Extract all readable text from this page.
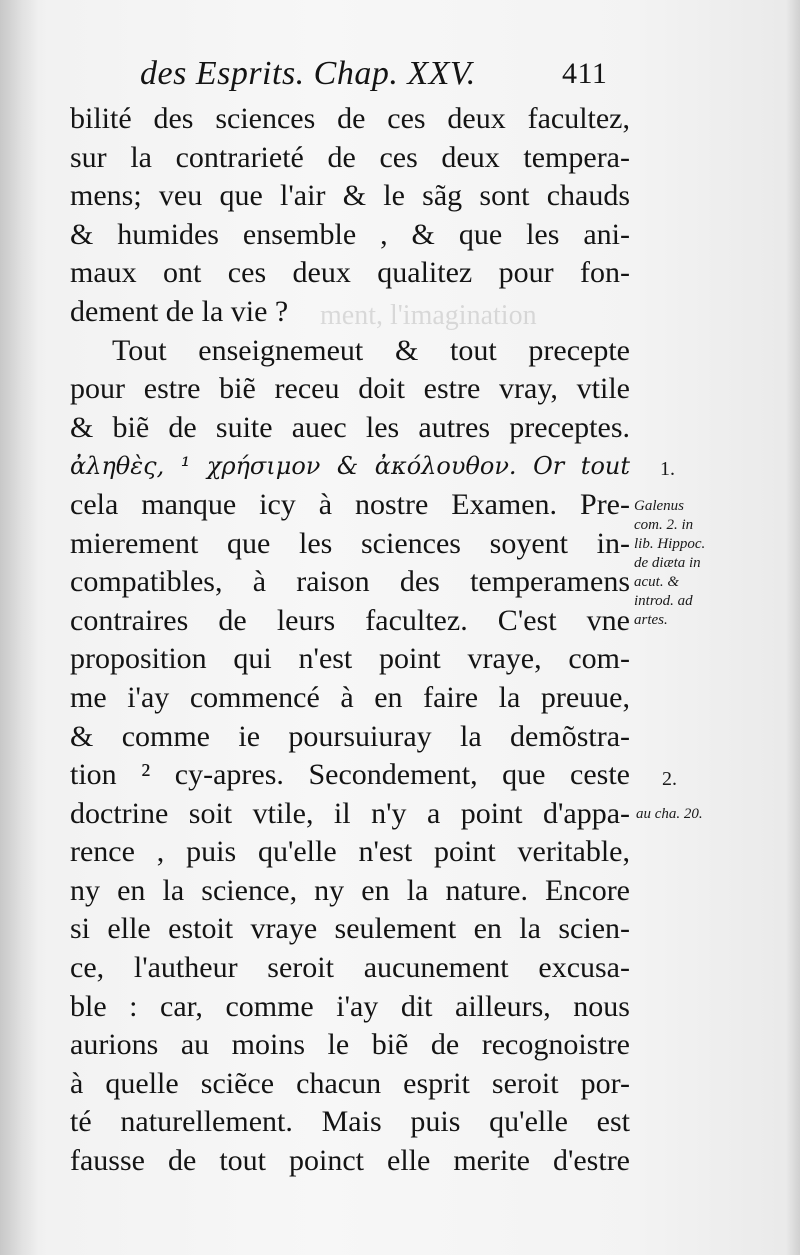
ment, l'imagination
des Esprits. Chap. XXV.	411
bilité des sciences de ces deux facultez,
sur la contrarieté de ces deux tempera-
mens; veu que l'air & le sãg sont chauds
& humides ensemble , & que les ani-
maux ont ces deux qualitez pour fon-
dement de la vie ?
Tout enseignemeut & tout precepte
pour estre biẽ receu doit estre vray, vtile
& biẽ de suite auec les autres preceptes.
ἀληθὲς, ¹ χρήσιμον & ἀκόλουθον. Or tout
cela manque icy à nostre Examen. Pre-
mierement que les sciences soyent in-
compatibles, à raison des temperamens
contraires de leurs facultez. C'est vne
proposition qui n'est point vraye, com-
me i'ay commencé à en faire la preuue,
& comme ie poursuiuray la demõstra-
tion ² cy-apres. Secondement, que ceste
doctrine soit vtile, il n'y a point d'appa-
rence , puis qu'elle n'est point veritable,
ny en la science, ny en la nature. Encore
si elle estoit vraye seulement en la scien-
ce, l'autheur seroit aucunement excusa-
ble : car, comme i'ay dit ailleurs, nous
aurions au moins le biẽ de recognoistre
à quelle sciẽce chacun esprit seroit por-
té naturellement. Mais puis qu'elle est
fausse de tout poinct elle merite d'estre
1.
Galenus
com. 2. in
lib. Hippoc.
de diæta in
acut. &
introd. ad
artes.
2.
au cha. 20.
